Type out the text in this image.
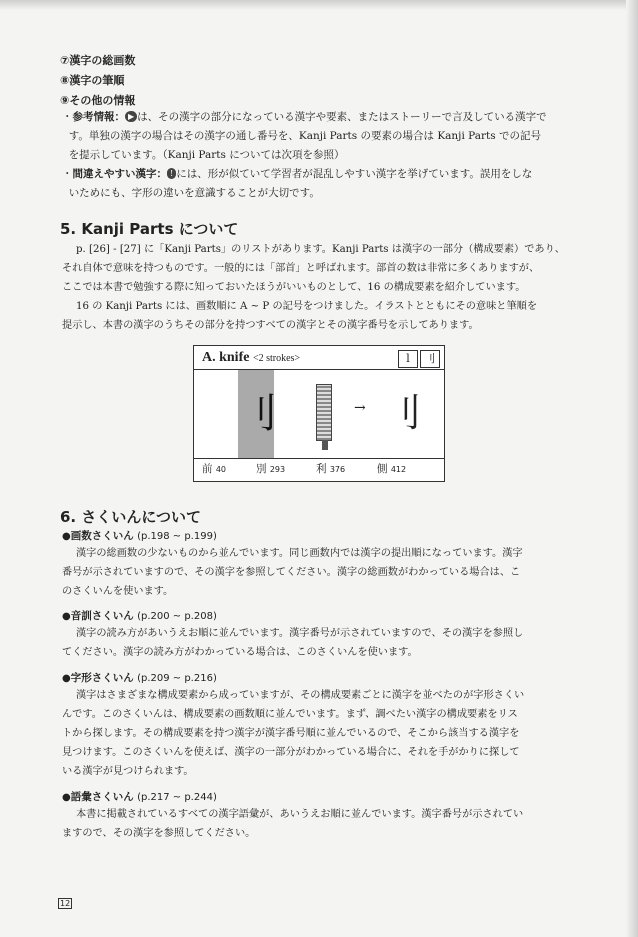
⑦漢字の総画数
⑧漢字の筆順
⑨その他の情報
・参考情報： ▶ は、その漢字の部分になっている漢字や要素、またはストーリーで言及している漢字で
す。単独の漢字の場合はその漢字の通し番号を、Kanji Parts の要素の場合は Kanji Parts での記号
を提示しています。（Kanji Parts については次項を参照）
・間違えやすい漢字： ! には、形が似ていて学習者が混乱しやすい漢字を挙げています。誤用をしな
いためにも、字形の違いを意識することが大切です。
5. Kanji Parts について
p. [26] - [27] に「Kanji Parts」のリストがあります。Kanji Parts は漢字の一部分（構成要素）であり、
それ自体で意味を持つものです。一般的には「部首」と呼ばれます。部首の数は非常に多くありますが、
ここでは本書で勉強する際に知っておいたほうがいいものとして、16 の構成要素を紹介しています。
16 の Kanji Parts には、画数順に A ~ P の記号をつけました。イラストとともにその意味と筆順を
提示し、本書の漢字のうちその部分を持つすべての漢字とその漢字番号を示してあります。
A. knife <2 strokes>	l	刂
刂	→ 刂
前 40	別 293	利 376	側 412
6. さくいんについて
●画数さくいん (p.198 ~ p.199)
漢字の総画数の少ないものから並んでいます。同じ画数内では漢字の提出順になっています。漢字
番号が示されていますので、その漢字を参照してください。漢字の総画数がわかっている場合は、こ
のさくいんを使います。
●音訓さくいん (p.200 ~ p.208)
漢字の読み方があいうえお順に並んでいます。漢字番号が示されていますので、その漢字を参照し
てください。漢字の読み方がわかっている場合は、このさくいんを使います。
●字形さくいん (p.209 ~ p.216)
漢字はさまざまな構成要素から成っていますが、その構成要素ごとに漢字を並べたのが字形さくい
んです。このさくいんは、構成要素の画数順に並んでいます。まず、調べたい漢字の構成要素をリス
トから探します。その構成要素を持つ漢字が漢字番号順に並んでいるので、そこから該当する漢字を
見つけます。このさくいんを使えば、漢字の一部分がわかっている場合に、それを手がかりに探して
いる漢字が見つけられます。
●語彙さくいん (p.217 ~ p.244)
本書に掲載されているすべての漢字語彙が、あいうえお順に並んでいます。漢字番号が示されてい
ますので、その漢字を参照してください。
12
